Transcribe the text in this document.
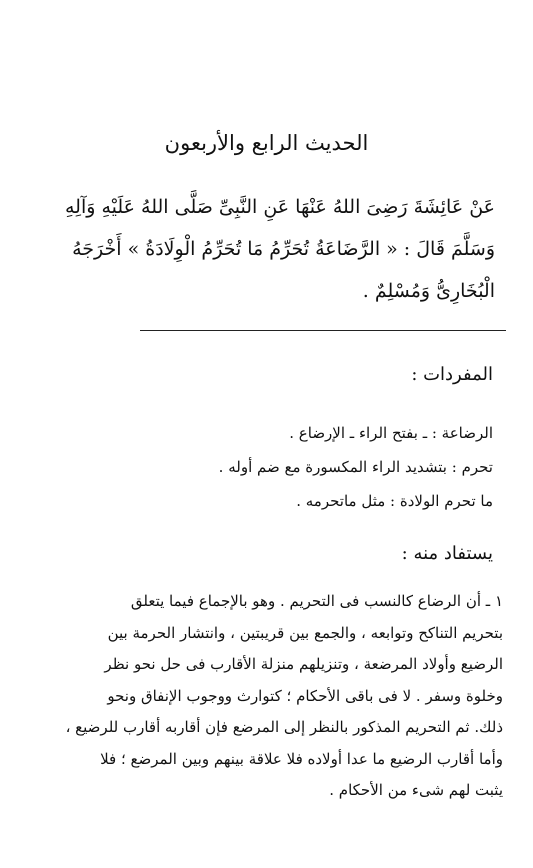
الحديث الرابع والأربعون
عَنْ عَائِشَةَ رَضِىَ اللهُ عَنْهَا عَنِ النَّبِىِّ صَلَّى اللهُ عَلَيْهِ وَآلِهِ
وَسَلَّمَ قَالَ : « الرَّضَاعَةُ تُحَرِّمُ مَا تُحَرِّمُ الْوِلَادَةُ » أَخْرَجَهُ
الْبُخَارِىُّ وَمُسْلِمٌ .
المفردات :
الرضاعة : ـ بفتح الراء ـ الإرضاع .
تحرم : بتشديد الراء المكسورة مع ضم أوله .
ما تحرم الولادة : مثل ماتحرمه .
يستفاد منه :
١ ـ أن الرضاع كالنسب فى التحريم . وهو بالإجماع فيما يتعلق
بتحريم التناكح وتوابعه ، والجمع بين قريبتين ، وانتشار الحرمة بين
الرضيع وأولاد المرضعة ، وتنزيلهم منزلة الأقارب فى حل نحو نظر
وخلوة وسفر . لا فى باقى الأحكام ؛ كتوارث ووجوب الإنفاق ونحو
ذلك. ثم التحريم المذكور بالنظر إلى المرضع فإن أقاربه أقارب للرضيع ،
وأما أقارب الرضيع ما عدا أولاده فلا علاقة بينهم وبين المرضع ؛ فلا
يثبت لهم شىء من الأحكام .
